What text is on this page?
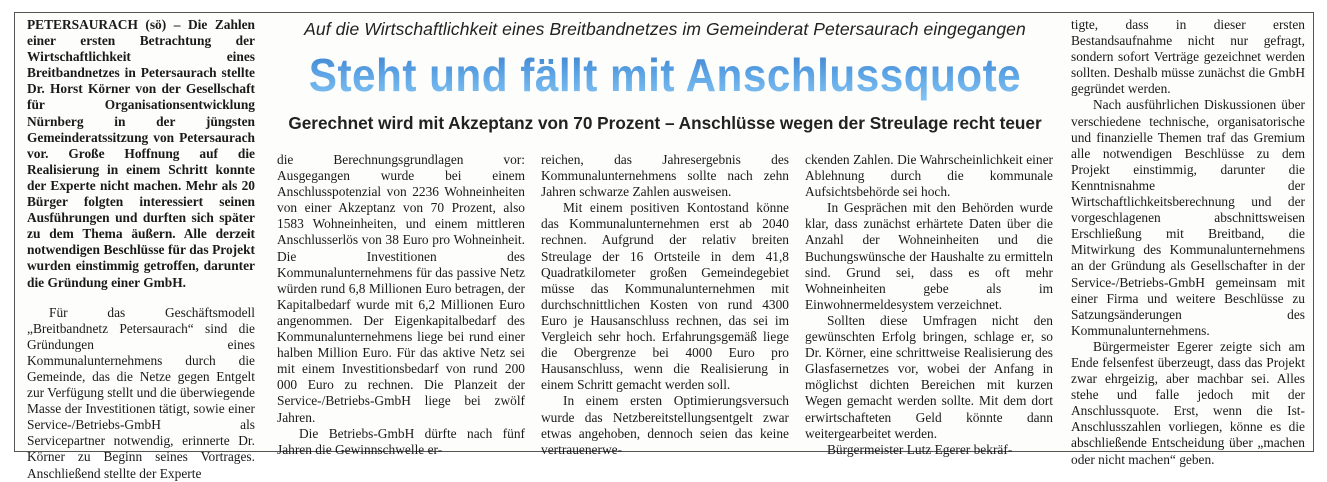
PETERSAURACH (sö) – Die Zahlen einer ersten Betrachtung der Wirtschaftlichkeit eines Breitbandnetzes in Petersaurach stellte Dr. Horst Körner von der Gesellschaft für Organisationsentwicklung Nürnberg in der jüngsten Gemeinderatssitzung von Petersaurach vor. Große Hoffnung auf die Realisierung in einem Schritt konnte der Experte nicht machen. Mehr als 20 Bürger folgten interessiert seinen Ausführungen und durften sich später zu dem Thema äußern. Alle derzeit notwendigen Beschlüsse für das Projekt wurden einstimmig getroffen, darunter die Gründung einer GmbH.

Für das Geschäftsmodell „Breitbandnetz Petersaurach“ sind die Gründungen eines Kommunalunternehmens durch die Gemeinde, das die Netze gegen Entgelt zur Verfügung stellt und die überwiegende Masse der Investitionen tätigt, sowie einer Service-/Betriebs-GmbH als Servicepartner notwendig, erinnerte Dr. Körner zu Beginn seines Vortrages. Anschließend stellte der Experte

Auf die Wirtschaftlichkeit eines Breitbandnetzes im Gemeinderat Petersaurach eingegangen
Steht und fällt mit Anschlussquote
Gerechnet wird mit Akzeptanz von 70 Prozent – Anschlüsse wegen der Streulage recht teuer

die Berechnungsgrundlagen vor: Ausgegangen wurde bei einem Anschlusspotenzial von 2236 Wohneinheiten von einer Akzeptanz von 70 Prozent, also 1583 Wohneinheiten, und einem mittleren Anschlusserlös von 38 Euro pro Wohneinheit. Die Investitionen des Kommunalunternehmens für das passive Netz würden rund 6,8 Millionen Euro betragen, der Kapitalbedarf wurde mit 6,2 Millionen Euro angenommen. Der Eigenkapitalbedarf des Kommunalunternehmens liege bei rund einer halben Million Euro. Für das aktive Netz sei mit einem Investitionsbedarf von rund 200 000 Euro zu rechnen. Die Planzeit der Service-/Betriebs-GmbH liege bei zwölf Jahren.

Die Betriebs-GmbH dürfte nach fünf Jahren die Gewinnschwelle er-

reichen, das Jahresergebnis des Kommunalunternehmens sollte nach zehn Jahren schwarze Zahlen ausweisen.

Mit einem positiven Kontostand könne das Kommunalunternehmen erst ab 2040 rechnen. Aufgrund der relativ breiten Streulage der 16 Ortsteile in dem 41,8 Quadratkilometer großen Gemeindegebiet müsse das Kommunalunternehmen mit durchschnittlichen Kosten von rund 4300 Euro je Hausanschluss rechnen, das sei im Vergleich sehr hoch. Erfahrungsgemäß liege die Obergrenze bei 4000 Euro pro Hausanschluss, wenn die Realisierung in einem Schritt gemacht werden soll.

In einem ersten Optimierungsversuch wurde das Netzbereitstellungsentgelt zwar etwas angehoben, dennoch seien das keine vertrauenerwe-

ckenden Zahlen. Die Wahrscheinlichkeit einer Ablehnung durch die kommunale Aufsichtsbehörde sei hoch.

In Gesprächen mit den Behörden wurde klar, dass zunächst erhärtete Daten über die Anzahl der Wohneinheiten und die Buchungswünsche der Haushalte zu ermitteln sind. Grund sei, dass es oft mehr Wohneinheiten gebe als im Einwohnermeldesystem verzeichnet.

Sollten diese Umfragen nicht den gewünschten Erfolg bringen, schlage er, so Dr. Körner, eine schrittweise Realisierung des Glasfasernetzes vor, wobei der Anfang in möglichst dichten Bereichen mit kurzen Wegen gemacht werden sollte. Mit dem dort erwirtschafteten Geld könnte dann weitergearbeitet werden.

Bürgermeister Lutz Egerer bekräf-

tigte, dass in dieser ersten Bestandsaufnahme nicht nur gefragt, sondern sofort Verträge gezeichnet werden sollten. Deshalb müsse zunächst die GmbH gegründet werden.

Nach ausführlichen Diskussionen über verschiedene technische, organisatorische und finanzielle Themen traf das Gremium alle notwendigen Beschlüsse zu dem Projekt einstimmig, darunter die Kenntnisnahme der Wirtschaftlichkeitsberechnung und der vorgeschlagenen abschnittsweisen Erschließung mit Breitband, die Mitwirkung des Kommunalunternehmens an der Gründung als Gesellschafter in der Service-/Betriebs-GmbH gemeinsam mit einer Firma und weitere Beschlüsse zu Satzungsänderungen des Kommunalunternehmens.

Bürgermeister Egerer zeigte sich am Ende felsenfest überzeugt, dass das Projekt zwar ehrgeizig, aber machbar sei. Alles stehe und falle jedoch mit der Anschlussquote. Erst, wenn die Ist-Anschlusszahlen vorliegen, könne es die abschließende Entscheidung über „machen oder nicht machen“ geben.
